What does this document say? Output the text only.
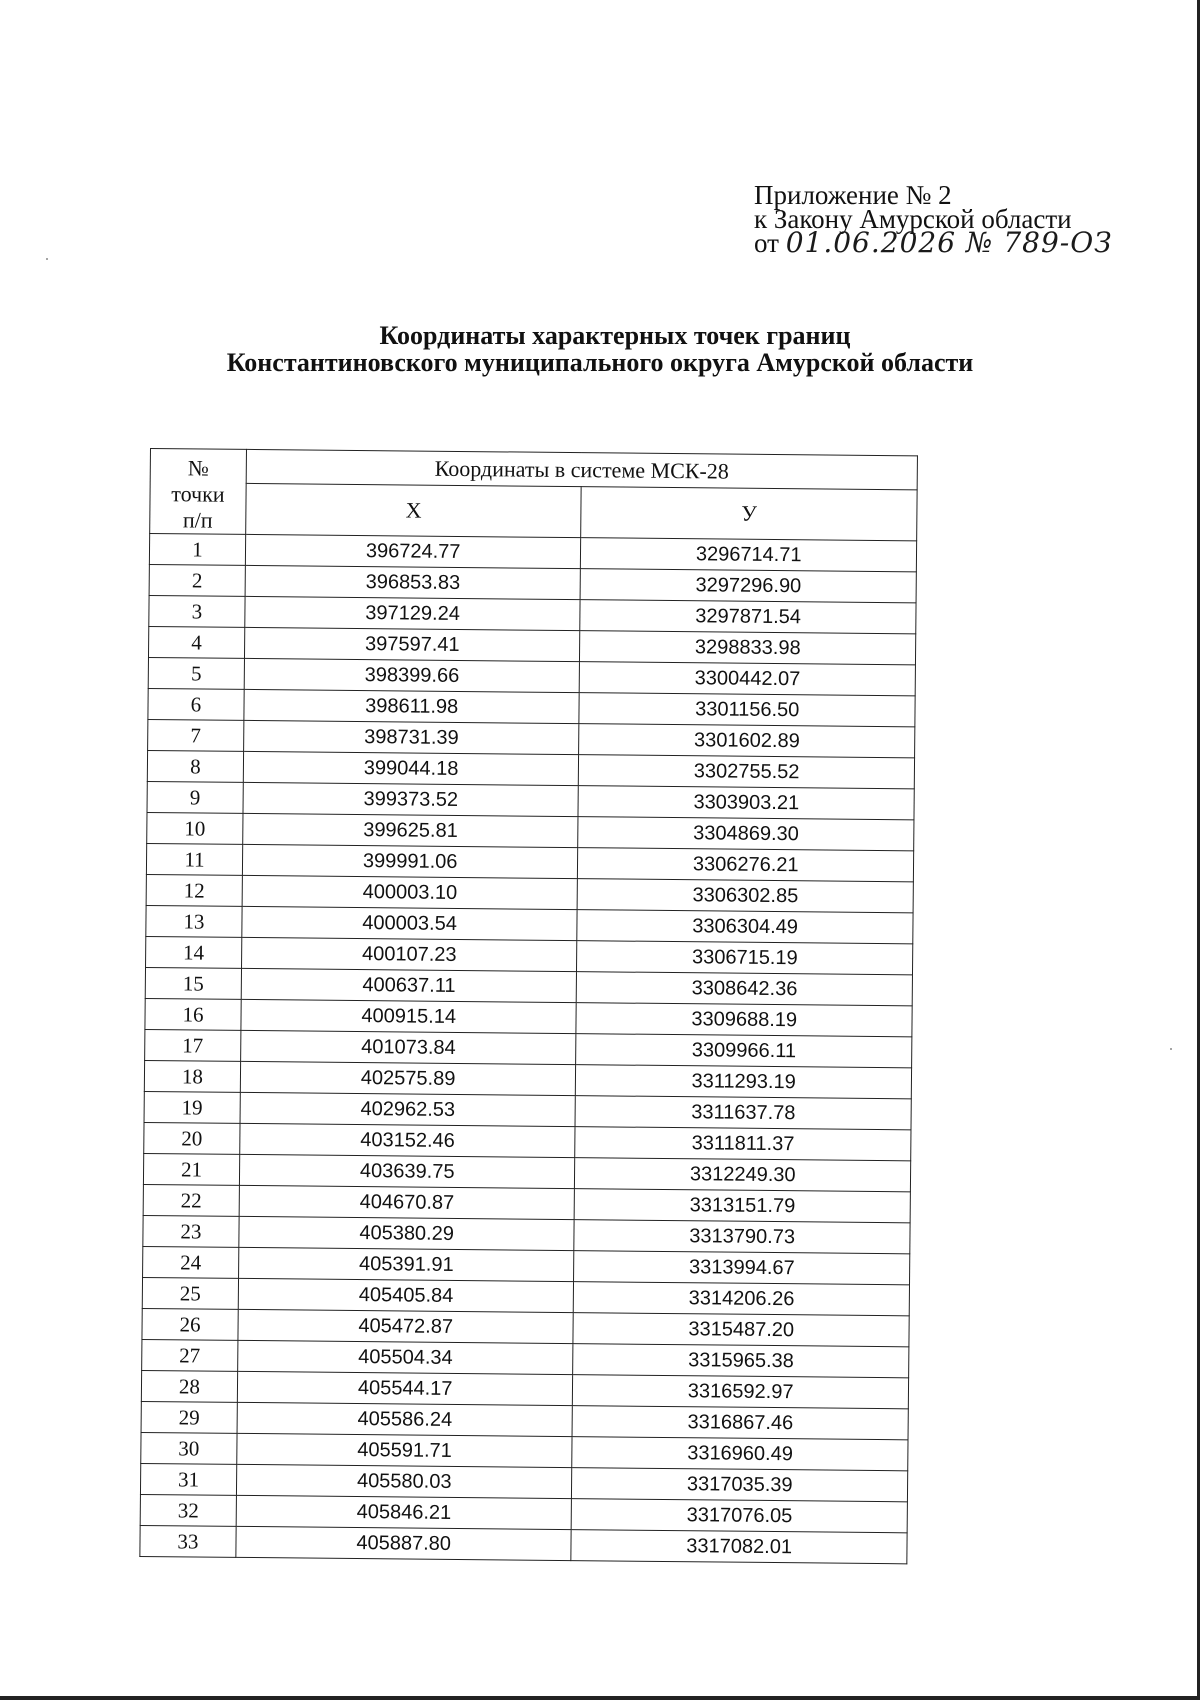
Приложение № 2
к Закону Амурской области
от 01.06.2026 № 789-ОЗ
Координаты характерных точек границ
Константиновского муниципального округа Амурской области
№ точки п/п	Координаты в системе МСК-28	
	Х	У
1	396724.77	3296714.71
2	396853.83	3297296.90
3	397129.24	3297871.54
4	397597.41	3298833.98
5	398399.66	3300442.07
6	398611.98	3301156.50
7	398731.39	3301602.89
8	399044.18	3302755.52
9	399373.52	3303903.21
10	399625.81	3304869.30
11	399991.06	3306276.21
12	400003.10	3306302.85
13	400003.54	3306304.49
14	400107.23	3306715.19
15	400637.11	3308642.36
16	400915.14	3309688.19
17	401073.84	3309966.11
18	402575.89	3311293.19
19	402962.53	3311637.78
20	403152.46	3311811.37
21	403639.75	3312249.30
22	404670.87	3313151.79
23	405380.29	3313790.73
24	405391.91	3313994.67
25	405405.84	3314206.26
26	405472.87	3315487.20
27	405504.34	3315965.38
28	405544.17	3316592.97
29	405586.24	3316867.46
30	405591.71	3316960.49
31	405580.03	3317035.39
32	405846.21	3317076.05
33	405887.80	3317082.01
